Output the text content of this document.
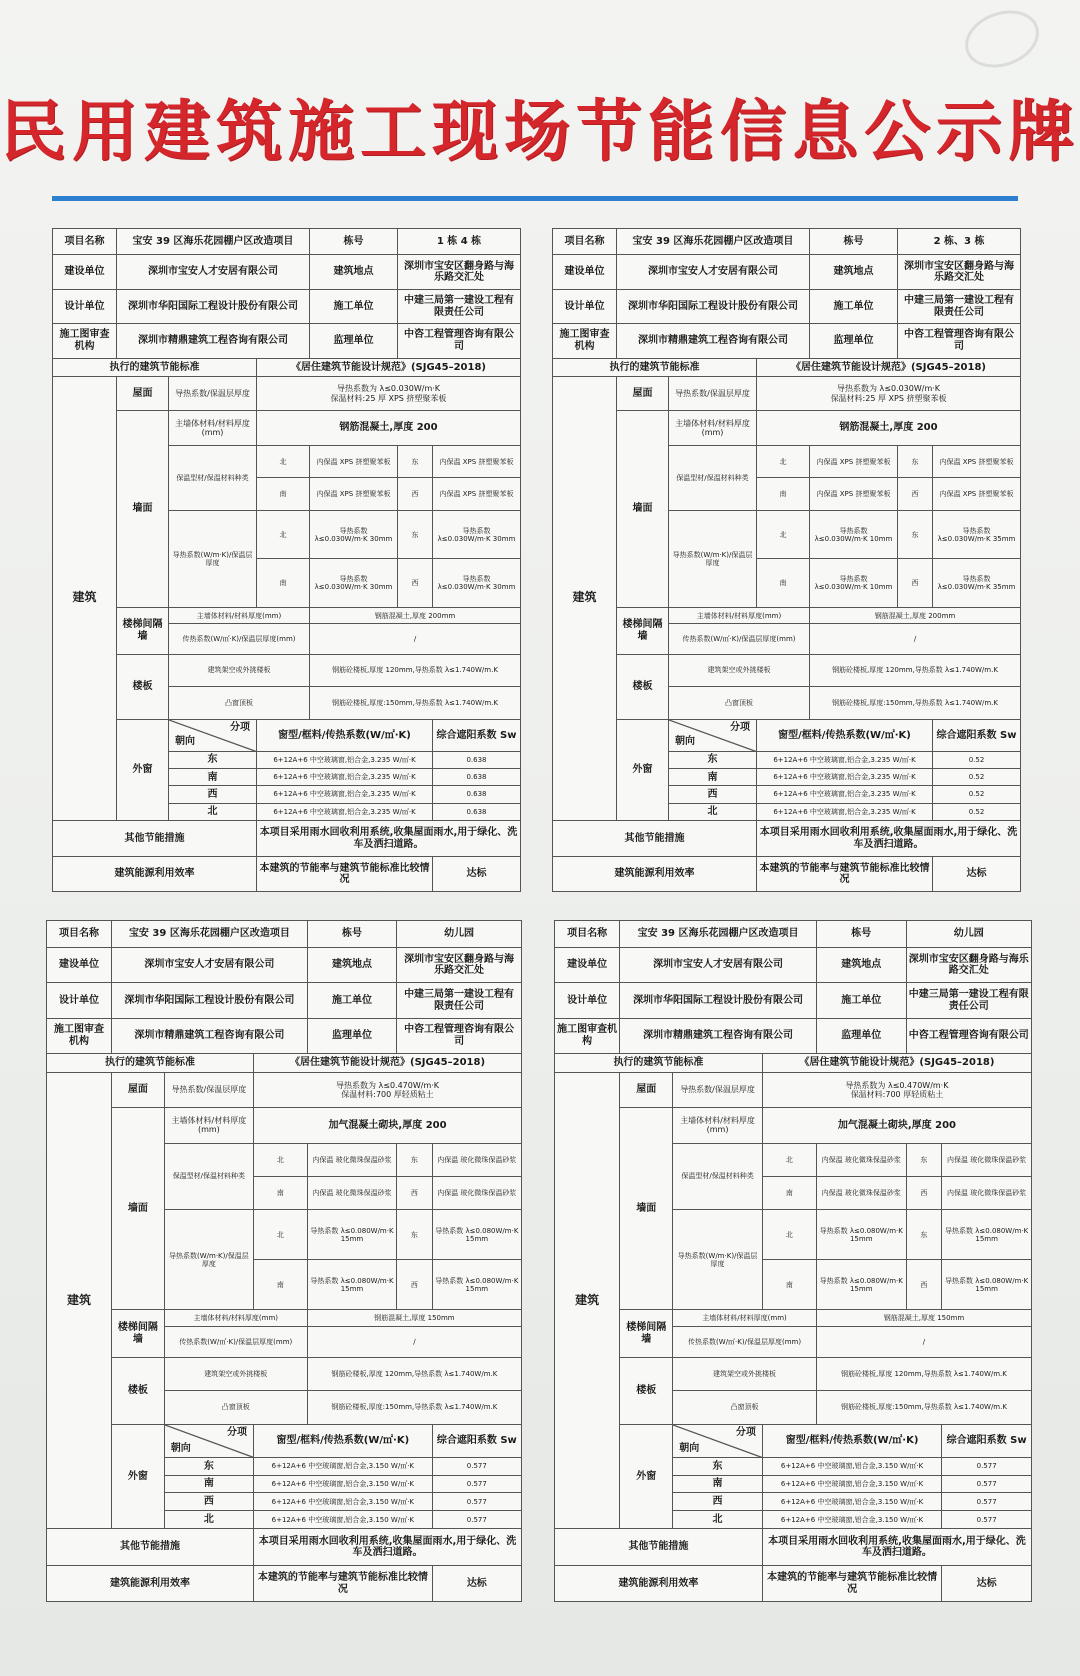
民用建筑施工现场节能信息公示牌
项目名称	宝安 39 区海乐花园棚户区改造项目			栋号	1 栋 4 栋	
建设单位	深圳市宝安人才安居有限公司			建筑地点	深圳市宝安区翻身路与海乐路交汇处	
设计单位	深圳市华阳国际工程设计股份有限公司			施工单位	中建三局第一建设工程有限责任公司	
施工图审查机构	深圳市精鼎建筑工程咨询有限公司			监理单位	中咨工程管理咨询有限公司	
执行的建筑节能标准			《居住建筑节能设计规范》(SJG45–2018)			
建筑	屋面	导热系数/保温层厚度	导热系数为 λ≤0.030W/m·K
保温材料:25 厚 XPS 挤塑聚苯板			

	墙面	主墙体材料/材料厚度(mm)	钢筋混凝土,厚度 200			
		保温型材/保温材料种类	北	内保温 XPS 挤塑聚苯板	东	内保温 XPS 挤塑聚苯板
			南	内保温 XPS 挤塑聚苯板	西	内保温 XPS 挤塑聚苯板
		导热系数(W/m·K)/保温层厚度	北	导热系数 λ≤0.030W/m·K 30mm	东	导热系数 λ≤0.030W/m·K 30mm
			南	导热系数 λ≤0.030W/m·K 30mm	西	导热系数 λ≤0.030W/m·K 30mm
	楼梯间隔墙	主墙体材料/材料厚度(mm)		钢筋混凝土,厚度 200mm		
		传热系数(W/㎡·K)/保温层厚度(mm)		/		
	楼板	建筑架空或外挑楼板		钢筋砼楼板,厚度 120mm,导热系数 λ≤1.740W/m.K		
		凸窗顶板		钢筋砼楼板,厚度:150mm,导热系数 λ≤1.740W/m.K		
	外窗	分项
朝向	窗型/框料/传热系数(W/㎡·K)			综合遮阳系数 Sw
		东	6+12A+6 中空玻璃窗,铝合金,3.235 W/㎡·K			0.638
		南	6+12A+6 中空玻璃窗,铝合金,3.235 W/㎡·K			0.638
		西	6+12A+6 中空玻璃窗,铝合金,3.235 W/㎡·K			0.638
		北	6+12A+6 中空玻璃窗,铝合金,3.235 W/㎡·K			0.638
其他节能措施			本项目采用雨水回收利用系统,收集屋面雨水,用于绿化、洗车及洒扫道路。			
建筑能源利用效率			本建筑的节能率与建筑节能标准比较情况			达标
项目名称	宝安 39 区海乐花园棚户区改造项目			栋号	2 栋、3 栋	
建设单位	深圳市宝安人才安居有限公司			建筑地点	深圳市宝安区翻身路与海乐路交汇处	
设计单位	深圳市华阳国际工程设计股份有限公司			施工单位	中建三局第一建设工程有限责任公司	
施工图审查机构	深圳市精鼎建筑工程咨询有限公司			监理单位	中咨工程管理咨询有限公司	
执行的建筑节能标准			《居住建筑节能设计规范》(SJG45–2018)			
建筑	屋面	导热系数/保温层厚度	导热系数为 λ≤0.030W/m·K
保温材料:25 厚 XPS 挤塑聚苯板			

	墙面	主墙体材料/材料厚度(mm)	钢筋混凝土,厚度 200			
		保温型材/保温材料种类	北	内保温 XPS 挤塑聚苯板	东	内保温 XPS 挤塑聚苯板
			南	内保温 XPS 挤塑聚苯板	西	内保温 XPS 挤塑聚苯板
		导热系数(W/m·K)/保温层厚度	北	导热系数 λ≤0.030W/m·K 10mm	东	导热系数 λ≤0.030W/m·K 35mm
			南	导热系数 λ≤0.030W/m·K 10mm	西	导热系数 λ≤0.030W/m·K 35mm
	楼梯间隔墙	主墙体材料/材料厚度(mm)		钢筋混凝土,厚度 200mm		
		传热系数(W/㎡·K)/保温层厚度(mm)		/		
	楼板	建筑架空或外挑楼板		钢筋砼楼板,厚度 120mm,导热系数 λ≤1.740W/m.K		
		凸窗顶板		钢筋砼楼板,厚度:150mm,导热系数 λ≤1.740W/m.K		
	外窗	分项
朝向	窗型/框料/传热系数(W/㎡·K)			综合遮阳系数 Sw
		东	6+12A+6 中空玻璃窗,铝合金,3.235 W/㎡·K			0.52
		南	6+12A+6 中空玻璃窗,铝合金,3.235 W/㎡·K			0.52
		西	6+12A+6 中空玻璃窗,铝合金,3.235 W/㎡·K			0.52
		北	6+12A+6 中空玻璃窗,铝合金,3.235 W/㎡·K			0.52
其他节能措施			本项目采用雨水回收利用系统,收集屋面雨水,用于绿化、洗车及洒扫道路。			
建筑能源利用效率			本建筑的节能率与建筑节能标准比较情况			达标
项目名称	宝安 39 区海乐花园棚户区改造项目			栋号	幼儿园	
建设单位	深圳市宝安人才安居有限公司			建筑地点	深圳市宝安区翻身路与海乐路交汇处	
设计单位	深圳市华阳国际工程设计股份有限公司			施工单位	中建三局第一建设工程有限责任公司	
施工图审查机构	深圳市精鼎建筑工程咨询有限公司			监理单位	中咨工程管理咨询有限公司	
执行的建筑节能标准			《居住建筑节能设计规范》(SJG45–2018)			
建筑	屋面	导热系数/保温层厚度	导热系数为 λ≤0.470W/m·K
保温材料:700 厚轻质粘土			

	墙面	主墙体材料/材料厚度(mm)	加气混凝土砌块,厚度 200			
		保温型材/保温材料种类	北	内保温 玻化微珠保温砂浆	东	内保温 玻化微珠保温砂浆
			南	内保温 玻化微珠保温砂浆	西	内保温 玻化微珠保温砂浆
		导热系数(W/m·K)/保温层厚度	北	导热系数 λ≤0.080W/m·K 15mm	东	导热系数 λ≤0.080W/m·K 15mm
			南	导热系数 λ≤0.080W/m·K 15mm	西	导热系数 λ≤0.080W/m·K 15mm
	楼梯间隔墙	主墙体材料/材料厚度(mm)		钢筋混凝土,厚度 150mm		
		传热系数(W/㎡·K)/保温层厚度(mm)		/		
	楼板	建筑架空或外挑楼板		钢筋砼楼板,厚度 120mm,导热系数 λ≤1.740W/m.K		
		凸窗顶板		钢筋砼楼板,厚度:150mm,导热系数 λ≤1.740W/m.K		
	外窗	分项
朝向	窗型/框料/传热系数(W/㎡·K)			综合遮阳系数 Sw
		东	6+12A+6 中空玻璃窗,铝合金,3.150 W/㎡·K			0.577
		南	6+12A+6 中空玻璃窗,铝合金,3.150 W/㎡·K			0.577
		西	6+12A+6 中空玻璃窗,铝合金,3.150 W/㎡·K			0.577
		北	6+12A+6 中空玻璃窗,铝合金,3.150 W/㎡·K			0.577
其他节能措施			本项目采用雨水回收利用系统,收集屋面雨水,用于绿化、洗车及洒扫道路。			
建筑能源利用效率			本建筑的节能率与建筑节能标准比较情况			达标
项目名称	宝安 39 区海乐花园棚户区改造项目			栋号	幼儿园	
建设单位	深圳市宝安人才安居有限公司			建筑地点	深圳市宝安区翻身路与海乐路交汇处	
设计单位	深圳市华阳国际工程设计股份有限公司			施工单位	中建三局第一建设工程有限责任公司	
施工图审查机构	深圳市精鼎建筑工程咨询有限公司			监理单位	中咨工程管理咨询有限公司	
执行的建筑节能标准			《居住建筑节能设计规范》(SJG45–2018)			
建筑	屋面	导热系数/保温层厚度	导热系数为 λ≤0.470W/m·K
保温材料:700 厚轻质粘土			

	墙面	主墙体材料/材料厚度(mm)	加气混凝土砌块,厚度 200			
		保温型材/保温材料种类	北	内保温 玻化微珠保温砂浆	东	内保温 玻化微珠保温砂浆
			南	内保温 玻化微珠保温砂浆	西	内保温 玻化微珠保温砂浆
		导热系数(W/m·K)/保温层厚度	北	导热系数 λ≤0.080W/m·K 15mm	东	导热系数 λ≤0.080W/m·K 15mm
			南	导热系数 λ≤0.080W/m·K 15mm	西	导热系数 λ≤0.080W/m·K 15mm
	楼梯间隔墙	主墙体材料/材料厚度(mm)		钢筋混凝土,厚度 150mm		
		传热系数(W/㎡·K)/保温层厚度(mm)		/		
	楼板	建筑架空或外挑楼板		钢筋砼楼板,厚度 120mm,导热系数 λ≤1.740W/m.K		
		凸窗顶板		钢筋砼楼板,厚度:150mm,导热系数 λ≤1.740W/m.K		
	外窗	分项
朝向	窗型/框料/传热系数(W/㎡·K)			综合遮阳系数 Sw
		东	6+12A+6 中空玻璃窗,铝合金,3.150 W/㎡·K			0.577
		南	6+12A+6 中空玻璃窗,铝合金,3.150 W/㎡·K			0.577
		西	6+12A+6 中空玻璃窗,铝合金,3.150 W/㎡·K			0.577
		北	6+12A+6 中空玻璃窗,铝合金,3.150 W/㎡·K			0.577
其他节能措施			本项目采用雨水回收利用系统,收集屋面雨水,用于绿化、洗车及洒扫道路。			
建筑能源利用效率			本建筑的节能率与建筑节能标准比较情况			达标
